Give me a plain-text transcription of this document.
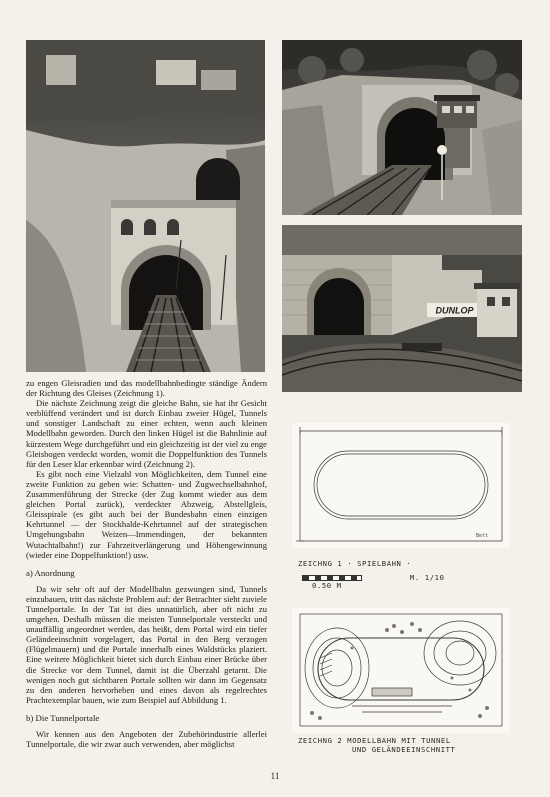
DUNLOP
Bett
ZEICHNG 1 · SPIELBAHN ·
0.50 M
M. 1/10
ZEICHNG 2 MODELLBAHN MIT TUNNEL
UND GELÄNDEEINSCHNITT

zu engen Gleisradien und das modellbahnbedingte ständige Ändern der Richtung des Gleises (Zeichnung 1).

Die nächste Zeichnung zeigt die gleiche Bahn, sie hat ihr Gesicht verblüffend verändert und ist durch Einbau zweier Hügel, Tunnels und sonstiger Landschaft zu einer echten, wenn auch kleinen Modellbahn geworden. Durch den linken Hügel ist die Bahnlinie auf kürzestem Wege durchgeführt und ein gleichzeitig ist der viel zu enge Gleisbogen verdeckt worden, womit die Doppelfunktion des Tunnels für den Leser klar erkennbar wird (Zeichnung 2).

Es gibt noch eine Vielzahl von Möglichkeiten, dem Tunnel eine zweite Funktion zu geben wie: Schatten- und Zugwechselbahnhof, Zusammenführung der Strecke (der Zug kommt wieder aus dem gleichen Portal zurück), verdeckter Abzweig, Abstellgleis, Gleisspirale (es gibt auch bei der Bundesbahn einen einzigen Kehrtunnel — der Stockhalde-Kehrtunnel auf der strategischen Umgehungsbahn Weizen—Immendingen, der bekannten Wutachtalbahn!) zur Fahrzeitverlängerung und Höhengewinnung (wieder eine Doppelfunktion!) usw.

a) Anordnung

Da wir sehr oft auf der Modellbahn gezwungen sind, Tunnels einzubauen, tritt das nächste Problem auf: der Betrachter sieht zuviele Tunnelportale. In der Tat ist dies unnatürlich, aber oft nicht zu umgehen. Deshalb müssen die meisten Tunnelportale versteckt und unauffällig angeordnet werden, das heißt, dem Portal wird ein tiefer Geländeeinschnitt vorgelagert, das Portal in den Berg verzogen (Flügelmauern) und die Portale innerhalb eines Waldstücks plaziert. Eine weitere Möglichkeit bietet sich durch Einbau einer Brücke über die Strecke vor dem Tunnel, damit ist die Überzahl getarnt. Die wenigen noch gut sichtbaren Portale sollten wir dann im Gegensatz zu den anderen hervorheben und eines davon als regelrechtes Prachtexemplar bauen, wie zum Beispiel auf Abbildung 1.

b) Die Tunnelportale

Wir kennen aus den Angeboten der Zubehörindustrie allerlei Tunnelportale, die wir zwar auch verwenden, aber möglichst

11
